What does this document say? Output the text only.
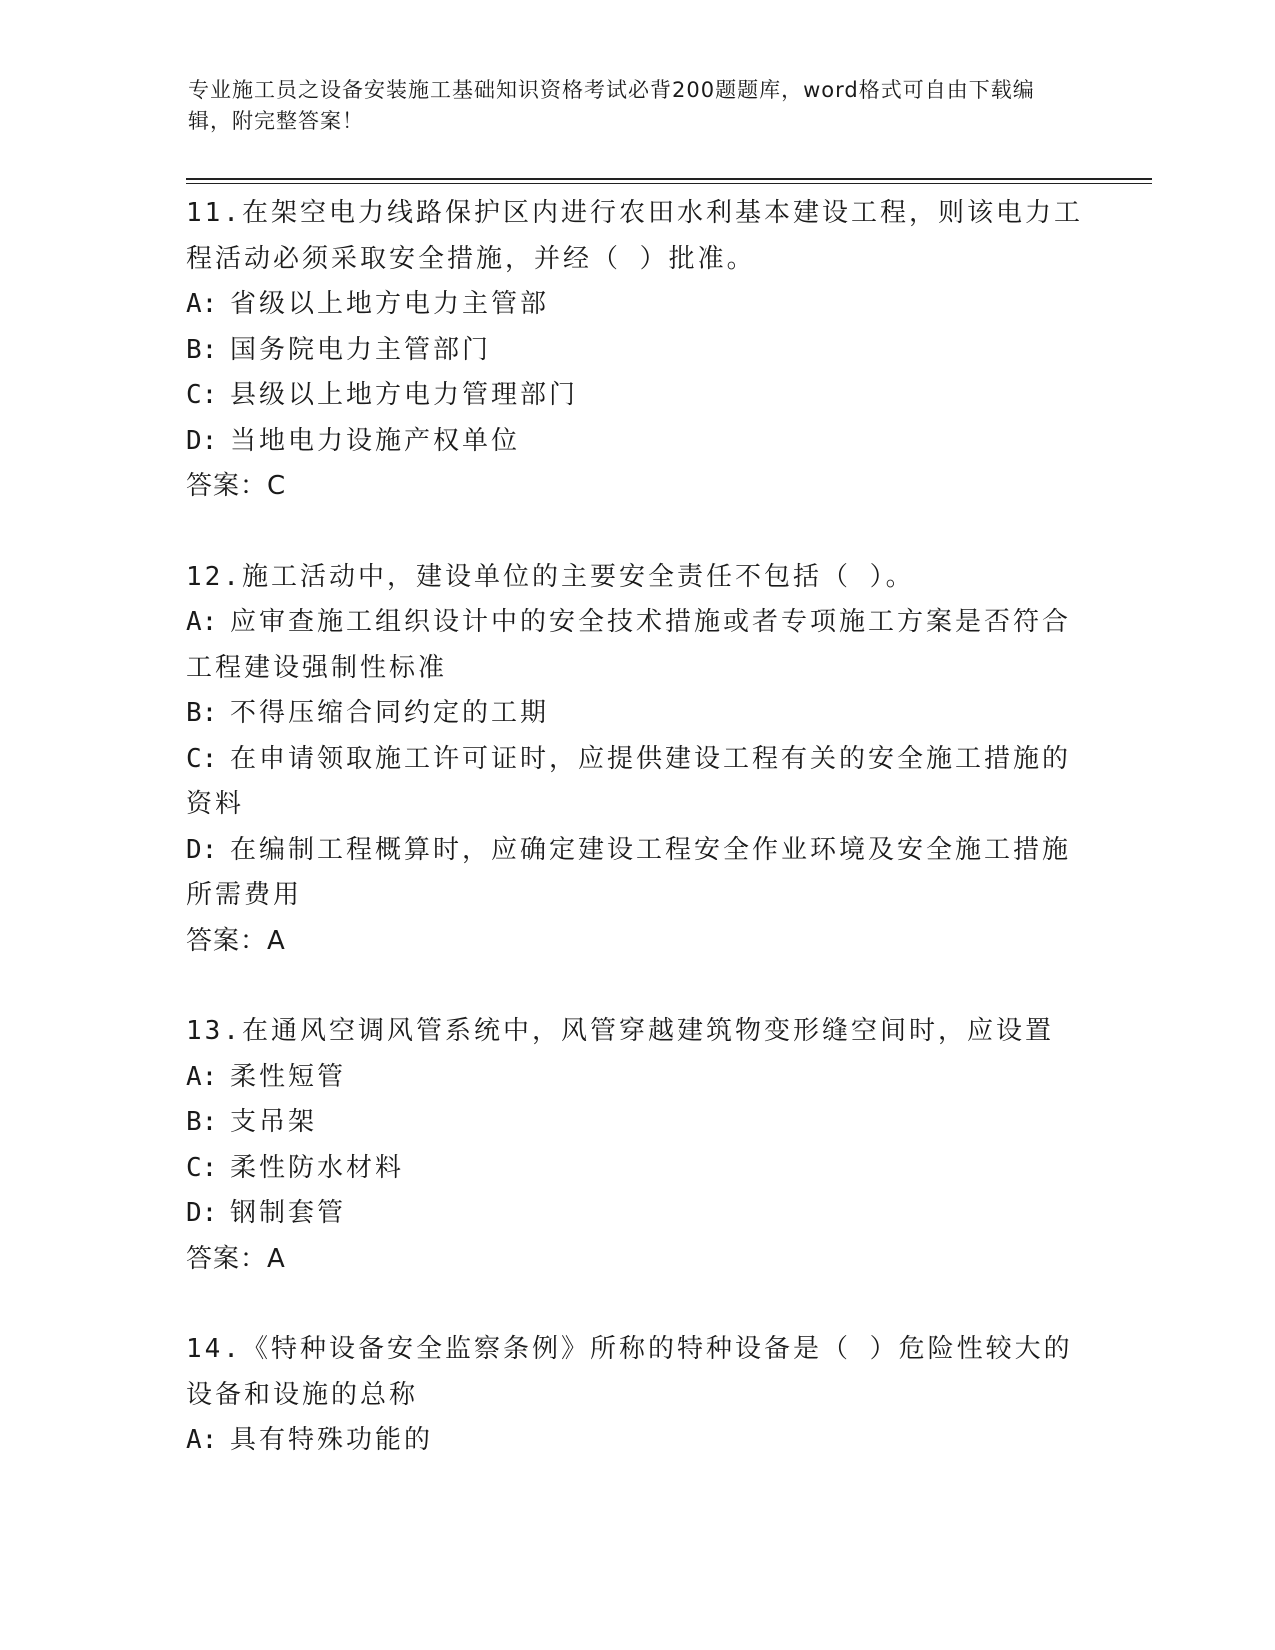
专业施工员之设备安装施工基础知识资格考试必背200题题库，word格式可自由下载编辑，附完整答案！

11.在架空电力线路保护区内进行农田水利基本建设工程，则该电力工程活动必须采取安全措施，并经（ ）批准。

A: 省级以上地方电力主管部

B: 国务院电力主管部门

C: 县级以上地方电力管理部门

D: 当地电力设施产权单位

答案：C

12.施工活动中，建设单位的主要安全责任不包括（ ）。

A: 应审查施工组织设计中的安全技术措施或者专项施工方案是否符合工程建设强制性标准

B: 不得压缩合同约定的工期

C: 在申请领取施工许可证时，应提供建设工程有关的安全施工措施的资料

D: 在编制工程概算时，应确定建设工程安全作业环境及安全施工措施所需费用

答案：A

13.在通风空调风管系统中，风管穿越建筑物变形缝空间时，应设置

A: 柔性短管

B: 支吊架

C: 柔性防水材料

D: 钢制套管

答案：A

14.《特种设备安全监察条例》所称的特种设备是（ ）危险性较大的设备和设施的总称

A: 具有特殊功能的
